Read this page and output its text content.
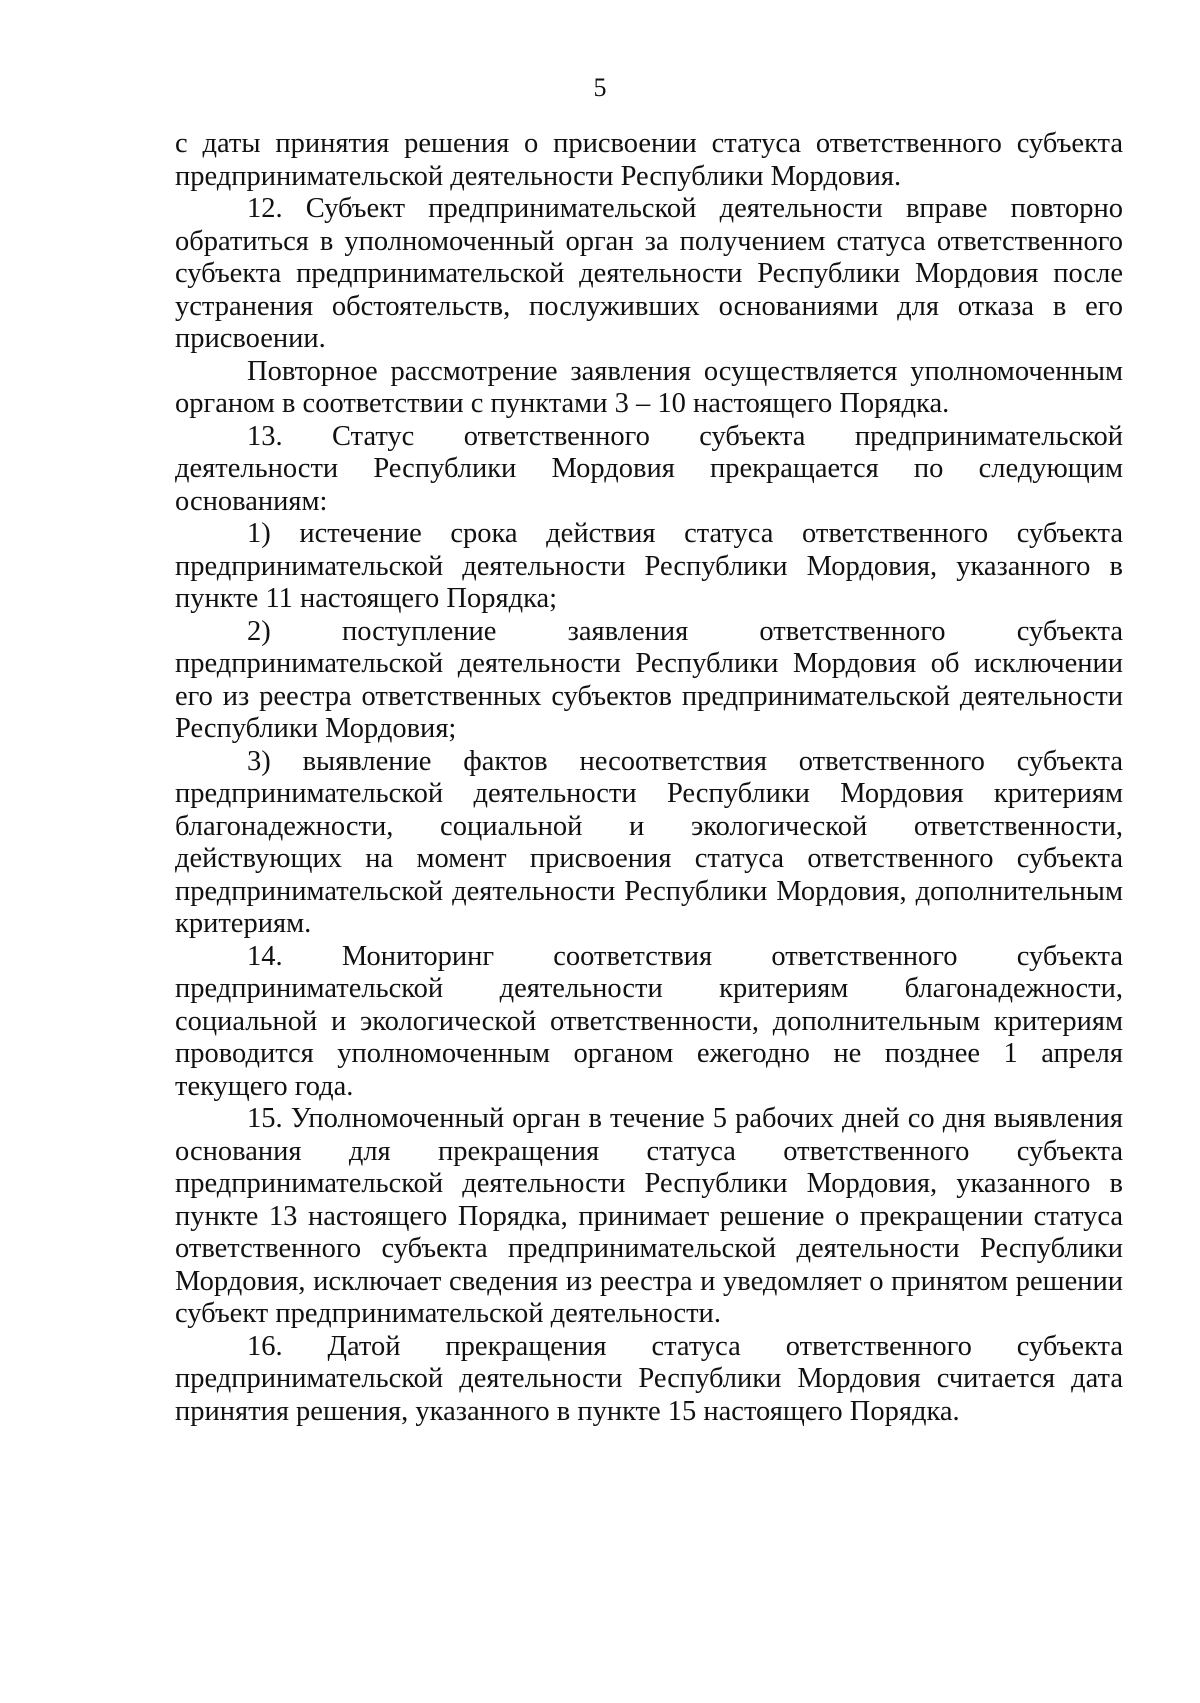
5

с даты принятия решения о присвоении статуса ответственного субъекта предпринимательской деятельности Республики Мордовия.

12. Субъект предпринимательской деятельности вправе повторно обратиться в уполномоченный орган за получением статуса ответственного субъекта предпринимательской деятельности Республики Мордовия после устранения обстоятельств, послуживших основаниями для отказа в его присвоении.

Повторное рассмотрение заявления осуществляется уполномоченным органом в соответствии с пунктами 3 – 10 настоящего Порядка.

13. Статус ответственного субъекта предпринимательской деятельности Республики Мордовия прекращается по следующим основаниям:

1) истечение срока действия статуса ответственного субъекта предпринимательской деятельности Республики Мордовия, указанного в пункте 11 настоящего Порядка;

2) поступление заявления ответственного субъекта предпринимательской деятельности Республики Мордовия об исключении его из реестра ответственных субъектов предпринимательской деятельности Республики Мордовия;

3) выявление фактов несоответствия ответственного субъекта предпринимательской деятельности Республики Мордовия критериям благонадежности, социальной и экологической ответственности, действующих на момент присвоения статуса ответственного субъекта предпринимательской деятельности Республики Мордовия, дополнительным критериям.

14. Мониторинг соответствия ответственного субъекта предпринимательской деятельности критериям благонадежности, социальной и экологической ответственности, дополнительным критериям проводится уполномоченным органом ежегодно не позднее 1 апреля текущего года.

15. Уполномоченный орган в течение 5 рабочих дней со дня выявления основания для прекращения статуса ответственного субъекта предпринимательской деятельности Республики Мордовия, указанного в пункте 13 настоящего Порядка, принимает решение о прекращении статуса ответственного субъекта предпринимательской деятельности Республики Мордовия, исключает сведения из реестра и уведомляет о принятом решении субъект предпринимательской деятельности.

16. Датой прекращения статуса ответственного субъекта предпринимательской деятельности Республики Мордовия считается дата принятия решения, указанного в пункте 15 настоящего Порядка.
